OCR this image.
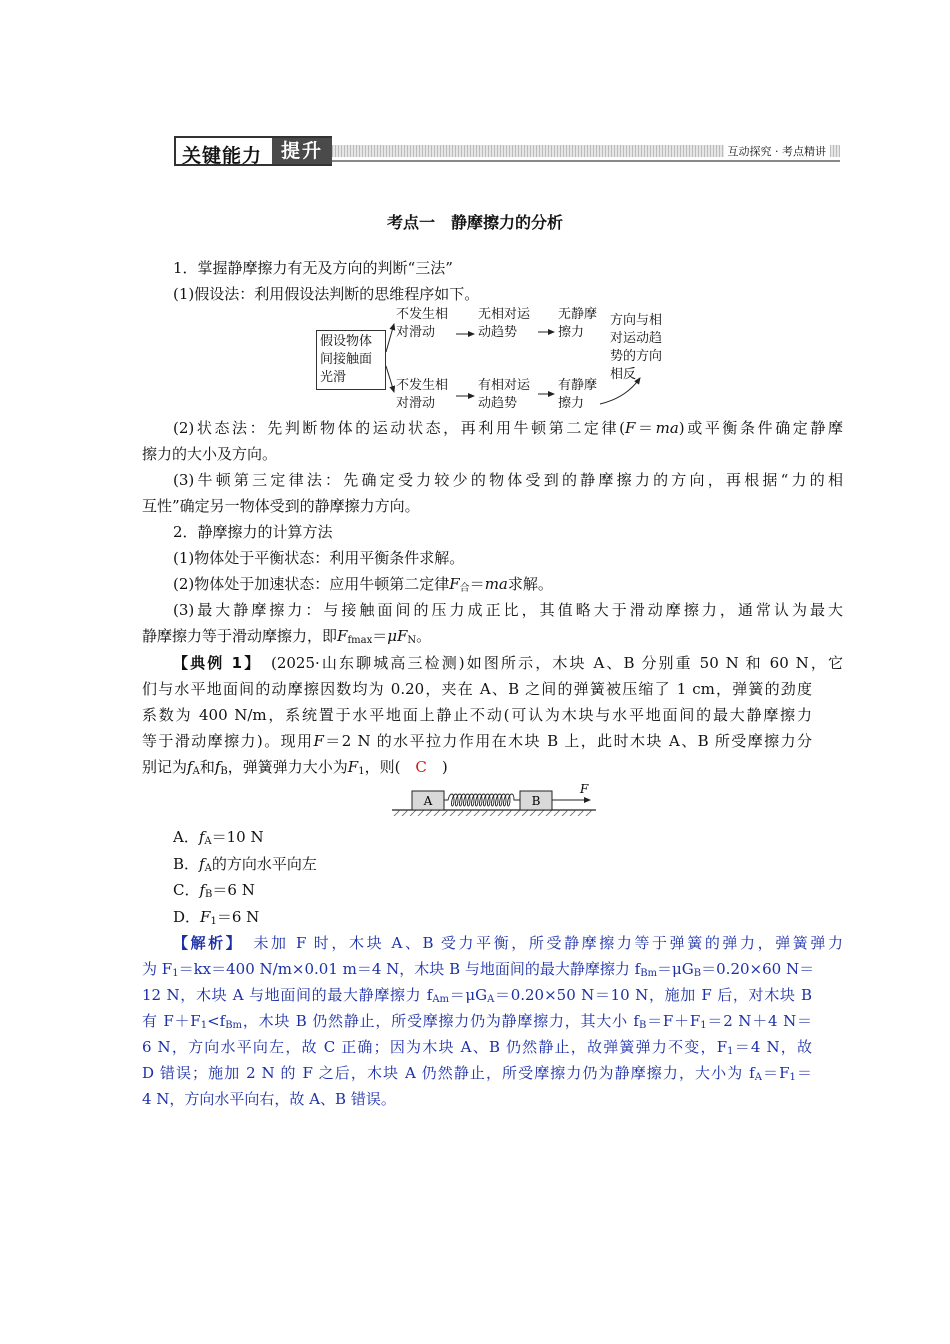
关键能力 提升	互动探究 · 考点精讲
考点一　静摩擦力的分析
1．掌握静摩擦力有无及方向的判断“三法”
(1)假设法：利用假设法判断的思维程序如下。
假设物体
间接触面
光滑
不发生相
对滑动
无相对运
动趋势
无静摩
擦力
不发生相
对滑动
有相对运
动趋势
有静摩
擦力
方向与相
对运动趋
势的方向
相反
(2)状态法：先判断物体的运动状态，再利用牛顿第二定律(F＝ma)或平衡条件确定静摩
擦力的大小及方向。
(3)牛顿第三定律法：先确定受力较少的物体受到的静摩擦力的方向，再根据“力的相
互性”确定另一物体受到的静摩擦力方向。
2．静摩擦力的计算方法
(1)物体处于平衡状态：利用平衡条件求解。
(2)物体处于加速状态：应用牛顿第二定律$F_合=ma$求解。
(3)最大静摩擦力：与接触面间的压力成正比，其值略大于滑动摩擦力，通常认为最大
静摩擦力等于滑动摩擦力，即$F_{fmax}=\mu F_N$。
【典例 1】　(2025·山东聊城高三检测)如图所示，木块 A、B 分别重 50 N 和 60 N，它
们与水平地面间的动摩擦因数均为 0.20，夹在 A、B 之间的弹簧被压缩了 1 cm，弹簧的劲度
系数为 400 N/m，系统置于水平地面上静止不动(可认为木块与水平地面间的最大静摩擦力
等于滑动摩擦力)。现用F＝2 N 的水平拉力作用在木块 B 上，此时木块 A、B 所受摩擦力分
别记为$f_A$和$f_B$，弹簧弹力大小为$F_1$，则(　C　)
A	B
F
A．$f_A=10$ N
B．$f_A$的方向水平向左
C．$f_B=6$ N
D．$F_1=6$ N
【解析】　未加 F 时，木块 A、B 受力平衡，所受静摩擦力等于弹簧的弹力，弹簧弹力
为 $F_1=kx=400$ N/m×0.01 m＝4 N，木块 B 与地面间的最大静摩擦力 $f_{Bm}=\mu G_B=0.20\times 60$ N＝
12 N，木块 A 与地面间的最大静摩擦力 $f_{Am}=\mu G_A=0.20\times 50$ N＝10 N，施加 F 后，对木块 B
有 $F+F_1<f_{Bm}$，木块 B 仍然静止，所受摩擦力仍为静摩擦力，其大小 $f_B=F+F_1=2$ N＋4 N＝
6 N，方向水平向左，故 C 正确；因为木块 A、B 仍然静止，故弹簧弹力不变，$F_1=4$ N，故
D 错误；施加 2 N 的 F 之后，木块 A 仍然静止，所受摩擦力仍为静摩擦力，大小为 $f_A=F_1=$
4 N，方向水平向右，故 A、B 错误。
